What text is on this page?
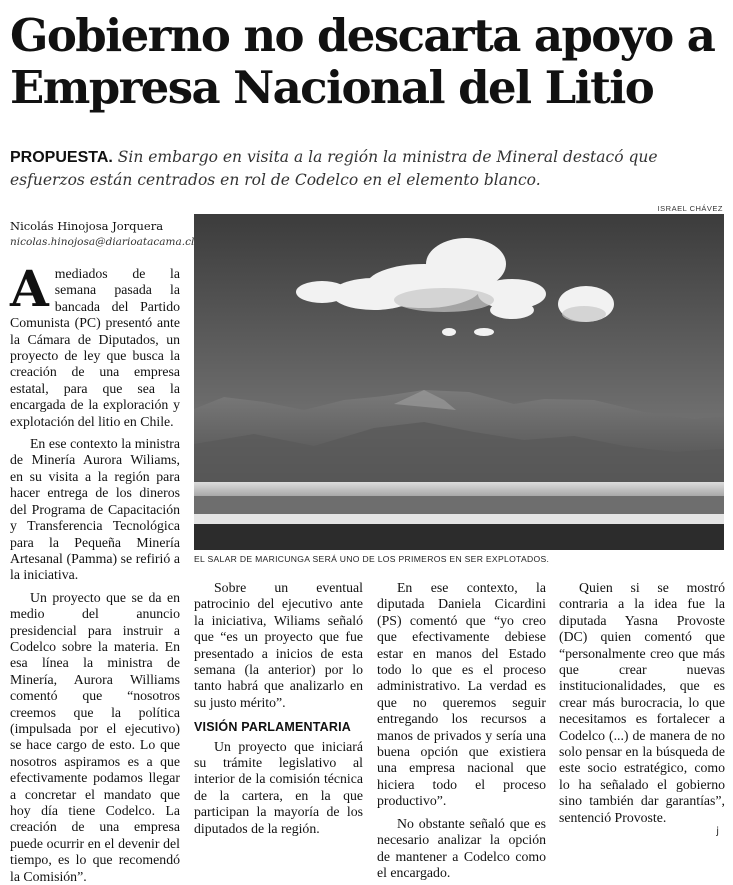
Gobierno no descarta apoyo a
Empresa Nacional del Litio
PROPUESTA. Sin embargo en visita a la región la ministra de Mineral destacó que esfuerzos están centrados en rol de Codelco en el elemento blanco.
ISRAEL CHÁVEZ
Nicolás Hinojosa Jorquera
nicolas.hinojosa@diarioatacama.cl
EL SALAR DE MARICUNGA SERÁ UNO DE LOS PRIMEROS EN SER EXPLOTADOS.

Amediados de la semana pasada la bancada del Partido Comunista (PC) presentó ante la Cámara de Diputados, un proyecto de ley que busca la creación de una empresa estatal, para que sea la encargada de la exploración y explotación del litio en Chile.

En ese contexto la ministra de Minería Aurora Wiliams, en su visita a la región para hacer entrega de los dineros del Programa de Capacitación y Transferencia Tecnológica para la Pequeña Minería Artesanal (Pamma) se refirió a la iniciativa.

Un proyecto que se da en medio del anuncio presidencial para instruir a Codelco sobre la materia. En esa línea la ministra de Minería, Aurora Williams comentó que “nosotros creemos que la política (impulsada por el ejecutivo) se hace cargo de esto. Lo que nosotros aspiramos es a que efectivamente podamos llegar a concretar el mandato que hoy día tiene Codelco. La creación de una empresa puede ocurrir en el devenir del tiempo, es lo que recomendó la Comisión”.

Sobre un eventual patrocinio del ejecutivo ante la iniciativa, Wiliams señaló que “es un proyecto que fue presentado a inicios de esta semana (la anterior) por lo tanto habrá que analizarlo en su justo mérito”.

VISIÓN PARLAMENTARIA

Un proyecto que iniciará su trámite legislativo al interior de la comisión técnica de la cartera, en la que participan la mayoría de los diputados de la región.

En ese contexto, la diputada Daniela Cicardini (PS) comentó que “yo creo que efectivamente debiese estar en manos del Estado todo lo que es el proceso administrativo. La verdad es que no queremos seguir entregando los recursos a manos de privados y sería una buena opción que existiera una empresa nacional que hiciera todo el proceso productivo”.

No obstante señaló que es necesario analizar la opción de mantener a Codelco como el encargado.

Quien si se mostró contraria a la idea fue la diputada Yasna Provoste (DC) quien comentó que “personalmente creo que más que crear nuevas institucionalidades, que es crear más burocracia, lo que necesitamos es fortalecer a Codelco (...) de manera de no solo pensar en la búsqueda de este socio estratégico, como lo ha señalado el gobierno sino también dar garantías”, sentenció Provoste.

ϳ
